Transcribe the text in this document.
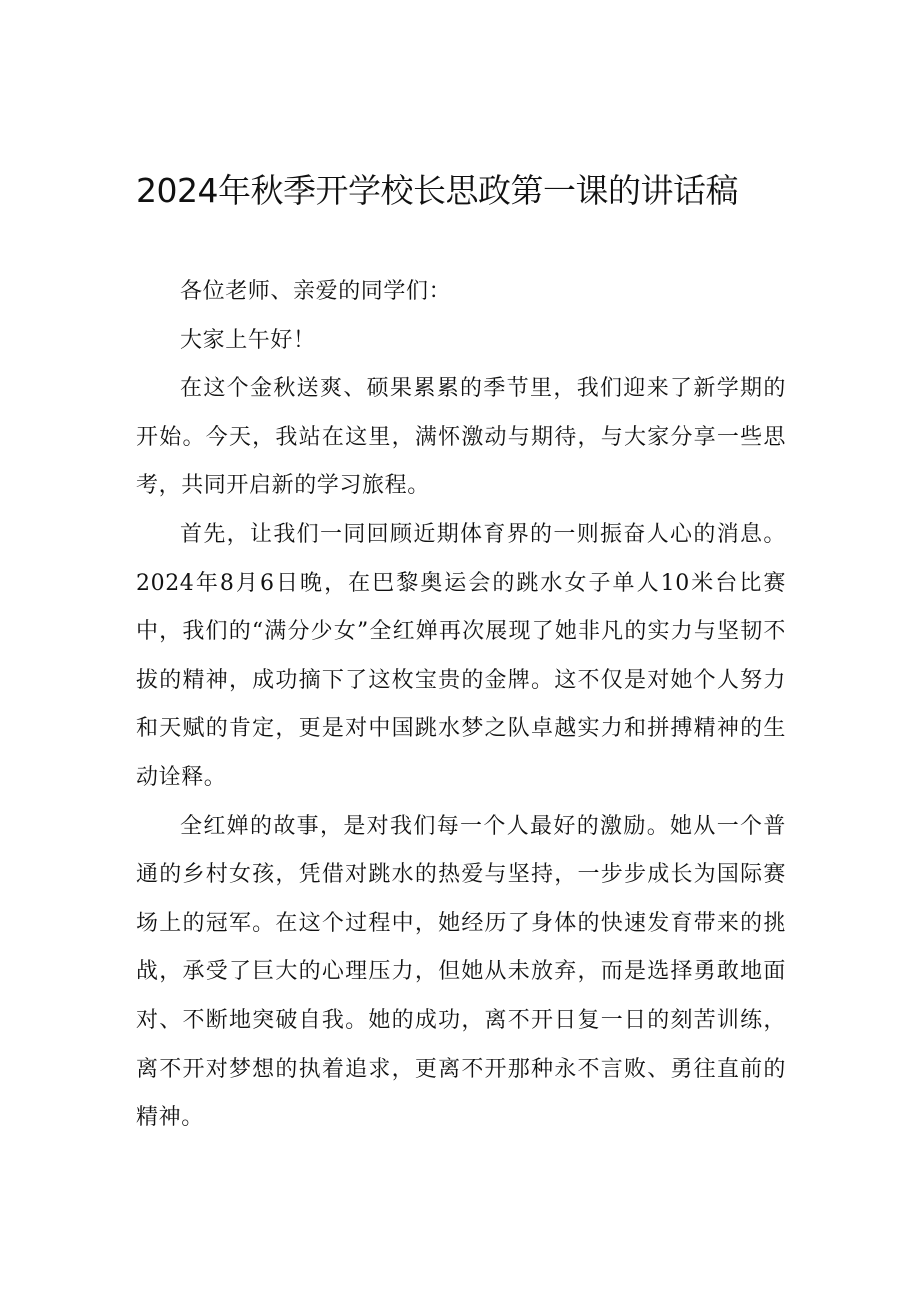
2024年秋季开学校长思政第一课的讲话稿

各位老师、亲爱的同学们：

大家上午好！

在这个金秋送爽、硕果累累的季节里，我们迎来了新学期的开始。今天，我站在这里，满怀激动与期待，与大家分享一些思考，共同开启新的学习旅程。

首先，让我们一同回顾近期体育界的一则振奋人心的消息。2024年8月6日晚，在巴黎奥运会的跳水女子单人10米台比赛中，我们的“满分少女”全红婵再次展现了她非凡的实力与坚韧不拔的精神，成功摘下了这枚宝贵的金牌。这不仅是对她个人努力和天赋的肯定，更是对中国跳水梦之队卓越实力和拼搏精神的生动诠释。

全红婵的故事，是对我们每一个人最好的激励。她从一个普通的乡村女孩，凭借对跳水的热爱与坚持，一步步成长为国际赛场上的冠军。在这个过程中，她经历了身体的快速发育带来的挑战，承受了巨大的心理压力，但她从未放弃，而是选择勇敢地面对、不断地突破自我。她的成功，离不开日复一日的刻苦训练，离不开对梦想的执着追求，更离不开那种永不言败、勇往直前的精神。
